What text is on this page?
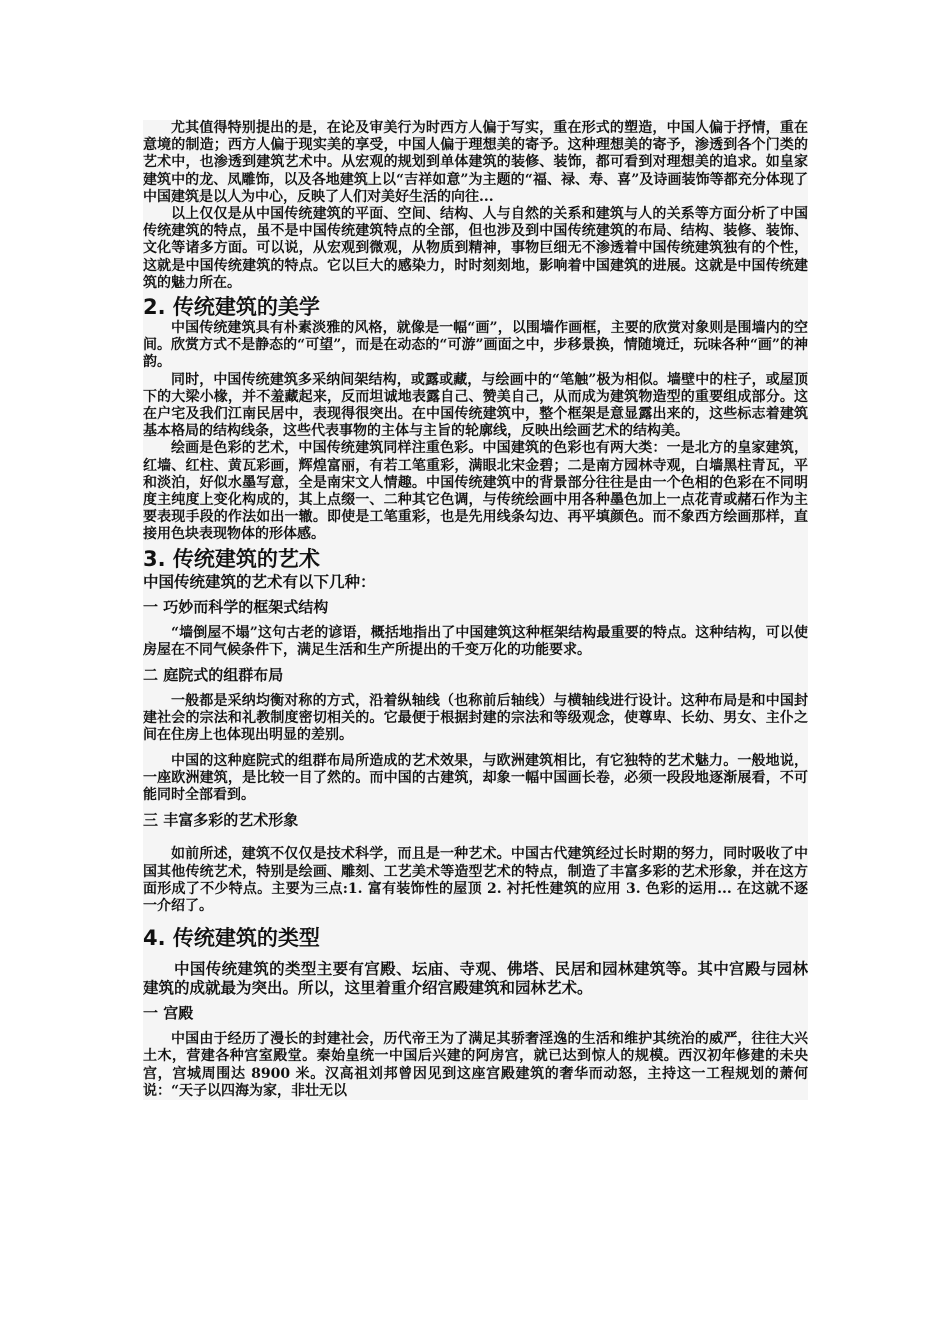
尤其值得特别提出的是，在论及审美行为时西方人偏于写实，重在形式的塑造，中国人偏于抒情，重在意境的制造；西方人偏于现实美的享受，中国人偏于理想美的寄予。这种理想美的寄予，渗透到各个门类的艺术中，也渗透到建筑艺术中。从宏观的规划到单体建筑的装修、装饰，都可看到对理想美的追求。如皇家建筑中的龙、凤雕饰，以及各地建筑上以“吉祥如意”为主题的“福、禄、寿、喜”及诗画装饰等都充分体现了中国建筑是以人为中心，反映了人们对美好生活的向往...

以上仅仅是从中国传统建筑的平面、空间、结构、人与自然的关系和建筑与人的关系等方面分析了中国传统建筑的特点，虽不是中国传统建筑特点的全部，但也涉及到中国传统建筑的布局、结构、装修、装饰、文化等诸多方面。可以说，从宏观到微观，从物质到精神，事物巨细无不渗透着中国传统建筑独有的个性，这就是中国传统建筑的特点。它以巨大的感染力，时时刻刻地，影响着中国建筑的进展。这就是中国传统建筑的魅力所在。

2. 传统建筑的美学

中国传统建筑具有朴素淡雅的风格，就像是一幅“画”，以围墙作画框，主要的欣赏对象则是围墙内的空间。欣赏方式不是静态的“可望”，而是在动态的“可游”画面之中，步移景换，情随境迁，玩味各种“画”的神韵。

同时，中国传统建筑多采纳间架结构，或露或藏，与绘画中的“笔触”极为相似。墙壁中的柱子，或屋顶下的大梁小椽，并不羞藏起来，反而坦诚地表露自己、赞美自己，从而成为建筑物造型的重要组成部分。这在户宅及我们江南民居中，表现得很突出。在中国传统建筑中，整个框架是意显露出来的，这些标志着建筑基本格局的结构线条，这些代表事物的主体与主旨的轮廓线，反映出绘画艺术的结构美。

绘画是色彩的艺术，中国传统建筑同样注重色彩。中国建筑的色彩也有两大类：一是北方的皇家建筑，红墙、红柱、黄瓦彩画，辉煌富丽，有若工笔重彩，满眼北宋金碧；二是南方园林寺观，白墙黑柱青瓦，平和淡泊，好似水墨写意，全是南宋文人情趣。中国传统建筑中的背景部分往往是由一个色相的色彩在不同明度主纯度上变化构成的，其上点缀一、二种其它色调，与传统绘画中用各种墨色加上一点花青或赭石作为主要表现手段的作法如出一辙。即使是工笔重彩，也是先用线条勾边、再平填颜色。而不象西方绘画那样，直接用色块表现物体的形体感。

3. 传统建筑的艺术

中国传统建筑的艺术有以下几种：

一 巧妙而科学的框架式结构

“墙倒屋不塌”这句古老的谚语，概括地指出了中国建筑这种框架结构最重要的特点。这种结构，可以使房屋在不同气候条件下，满足生活和生产所提出的千变万化的功能要求。

二 庭院式的组群布局

一般都是采纳均衡对称的方式，沿着纵轴线（也称前后轴线）与横轴线进行设计。这种布局是和中国封建社会的宗法和礼教制度密切相关的。它最便于根据封建的宗法和等级观念，使尊卑、长幼、男女、主仆之间在住房上也体现出明显的差别。

中国的这种庭院式的组群布局所造成的艺术效果，与欧洲建筑相比，有它独特的艺术魅力。一般地说，一座欧洲建筑，是比较一目了然的。而中国的古建筑，却象一幅中国画长卷，必须一段段地逐渐展看，不可能同时全部看到。

三 丰富多彩的艺术形象

如前所述，建筑不仅仅是技术科学，而且是一种艺术。中国古代建筑经过长时期的努力，同时吸收了中国其他传统艺术，特别是绘画、雕刻、工艺美术等造型艺术的特点，制造了丰富多彩的艺术形象，并在这方面形成了不少特点。主要为三点:1. 富有装饰性的屋顶 2. 衬托性建筑的应用 3. 色彩的运用... 在这就不逐一介绍了。

4. 传统建筑的类型

中国传统建筑的类型主要有宫殿、坛庙、寺观、佛塔、民居和园林建筑等。其中宫殿与园林建筑的成就最为突出。所以，这里着重介绍宫殿建筑和园林艺术。

一 宫殿

中国由于经历了漫长的封建社会，历代帝王为了满足其骄奢淫逸的生活和维护其统治的威严，往往大兴土木，营建各种宫室殿堂。秦始皇统一中国后兴建的阿房宫，就已达到惊人的规模。西汉初年修建的未央宫，宫城周围达 8900 米。汉高祖刘邦曾因见到这座宫殿建筑的奢华而动怒，主持这一工程规划的萧何说：“天子以四海为家，非壮无以
